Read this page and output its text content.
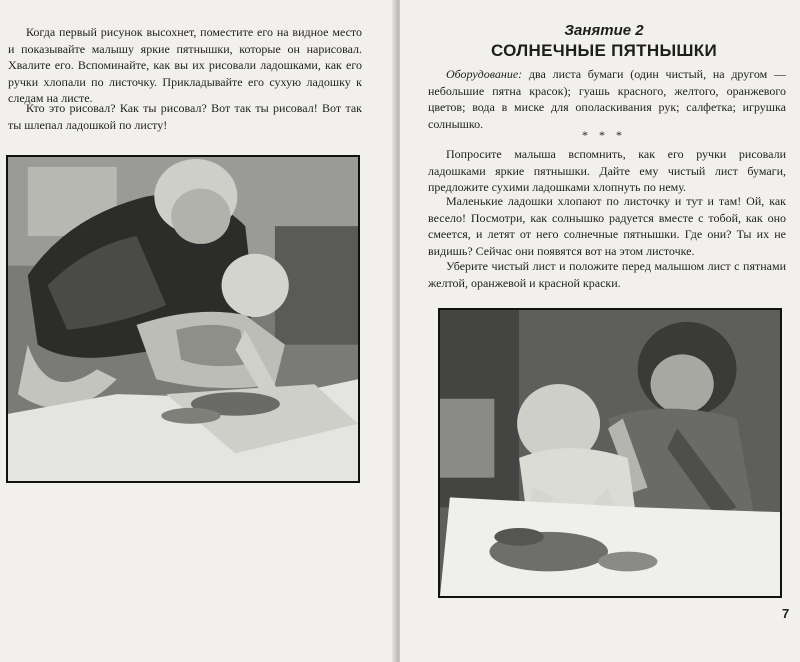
Когда первый рисунок высохнет, поместите его на видное место и показывайте малышу яркие пятнышки, которые он нарисовал. Хвалите его. Вспоминайте, как вы их рисовали ладошками, как его ручки хлопали по листочку. Прикладывайте его сухую ладошку к следам на листе.

Кто это рисовал? Как ты рисовал? Вот так ты рисовал! Вот так ты шлепал ладошкой по листу!

Занятие 2
СОЛНЕЧНЫЕ ПЯТНЫШКИ

Оборудование: два листа бумаги (один чистый, на другом — небольшие пятна красок); гуашь красного, желтого, оранжевого цветов; вода в миске для ополаскивания рук; салфетка; игрушка солнышко.

* * *

Попросите малыша вспомнить, как его ручки рисовали ладошками яркие пятнышки. Дайте ему чистый лист бумаги, предложите сухими ладошками хлопнуть по нему.

Маленькие ладошки хлопают по листочку и тут и там! Ой, как весело! Посмотри, как солнышко радуется вместе с тобой, как оно смеется, и летят от него солнечные пятнышки. Где они? Ты их не видишь? Сейчас они появятся вот на этом листочке.

Уберите чистый лист и положите перед малышом лист с пятнами желтой, оранжевой и красной краски.

7
